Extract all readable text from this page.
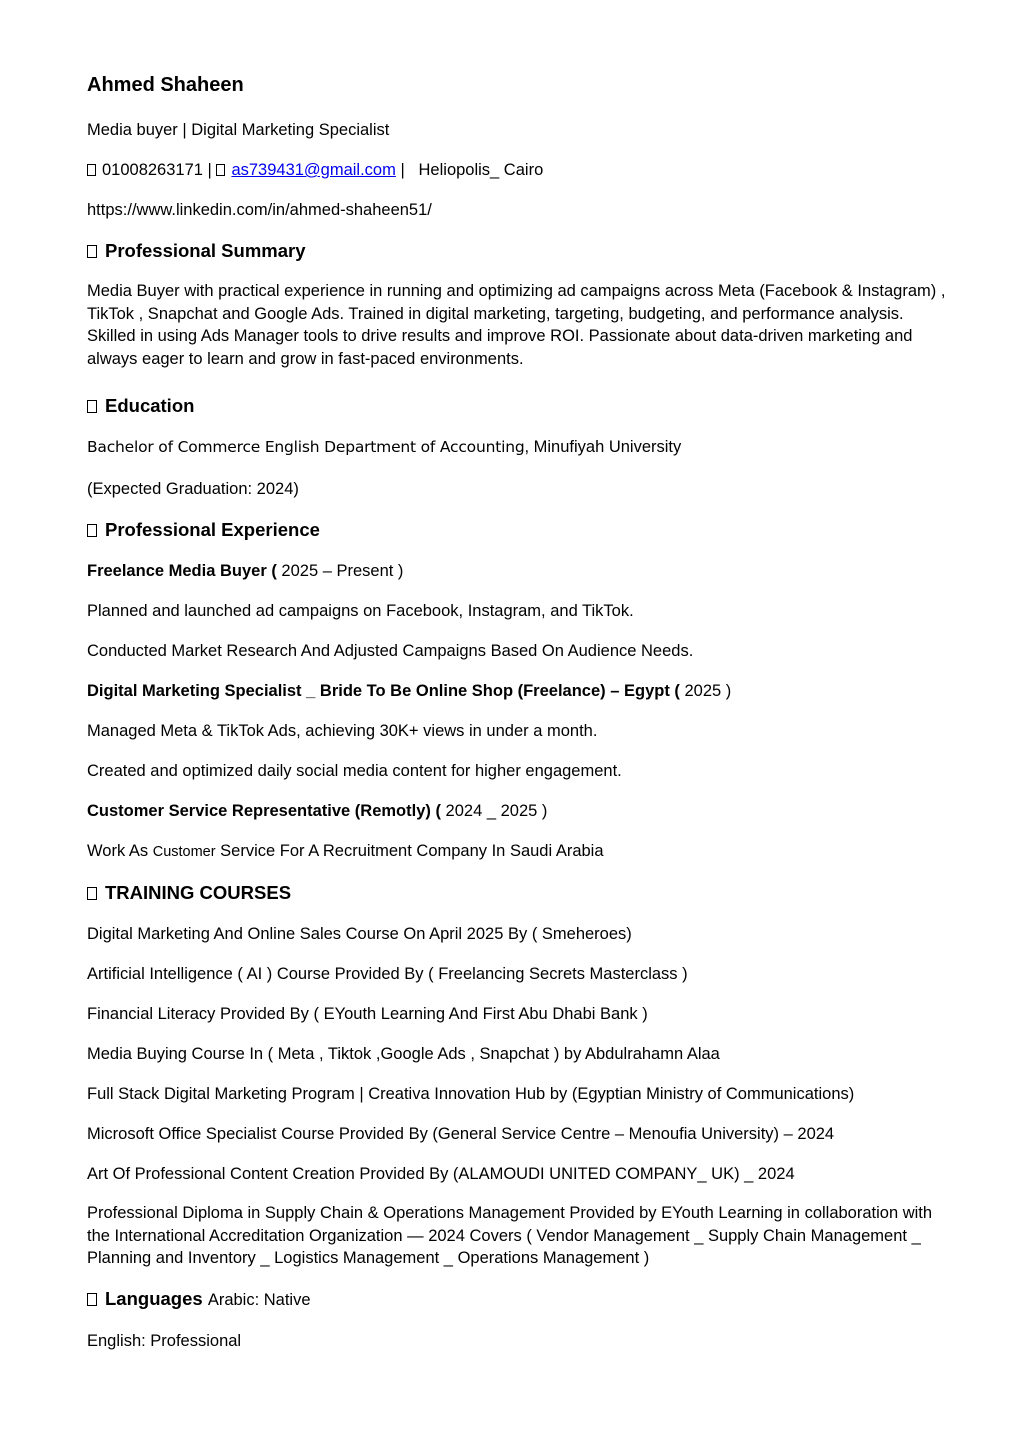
Ahmed Shaheen
Media buyer | Digital Marketing Specialist
01008263171 | as739431@gmail.com | Heliopolis_ Cairo
https://www.linkedin.com/in/ahmed-shaheen51/
Professional Summary
Media Buyer with practical experience in running and optimizing ad campaigns across Meta (Facebook & Instagram) , TikTok , Snapchat and Google Ads. Trained in digital marketing, targeting, budgeting, and performance analysis. Skilled in using Ads Manager tools to drive results and improve ROI. Passionate about data-driven marketing and always eager to learn and grow in fast-paced environments.
Education
Bachelor of Commerce English Department of Accounting, Minufiyah University
(Expected Graduation: 2024)
Professional Experience
Freelance Media Buyer ( 2025 – Present )
Planned and launched ad campaigns on Facebook, Instagram, and TikTok.
Conducted Market Research And Adjusted Campaigns Based On Audience Needs.
Digital Marketing Specialist _ Bride To Be Online Shop (Freelance) – Egypt ( 2025 )
Managed Meta & TikTok Ads, achieving 30K+ views in under a month.
Created and optimized daily social media content for higher engagement.
Customer Service Representative (Remotly) ( 2024 _ 2025 )
Work As Customer Service For A Recruitment Company In Saudi Arabia
TRAINING COURSES
Digital Marketing And Online Sales Course On April 2025 By ( Smeheroes)
Artificial Intelligence ( AI ) Course Provided By ( Freelancing Secrets Masterclass )
Financial Literacy Provided By ( EYouth Learning And First Abu Dhabi Bank )
Media Buying Course In ( Meta , Tiktok ,Google Ads , Snapchat ) by Abdulrahamn Alaa
Full Stack Digital Marketing Program | Creativa Innovation Hub by (Egyptian Ministry of Communications)
Microsoft Office Specialist Course Provided By (General Service Centre – Menoufia University) – 2024
Art Of Professional Content Creation Provided By (ALAMOUDI UNITED COMPANY_ UK) _ 2024
Professional Diploma in Supply Chain & Operations Management Provided by EYouth Learning in collaboration with the International Accreditation Organization — 2024 Covers ( Vendor Management _ Supply Chain Management _ Planning and Inventory _ Logistics Management _ Operations Management )
Languages Arabic: Native
English: Professional
